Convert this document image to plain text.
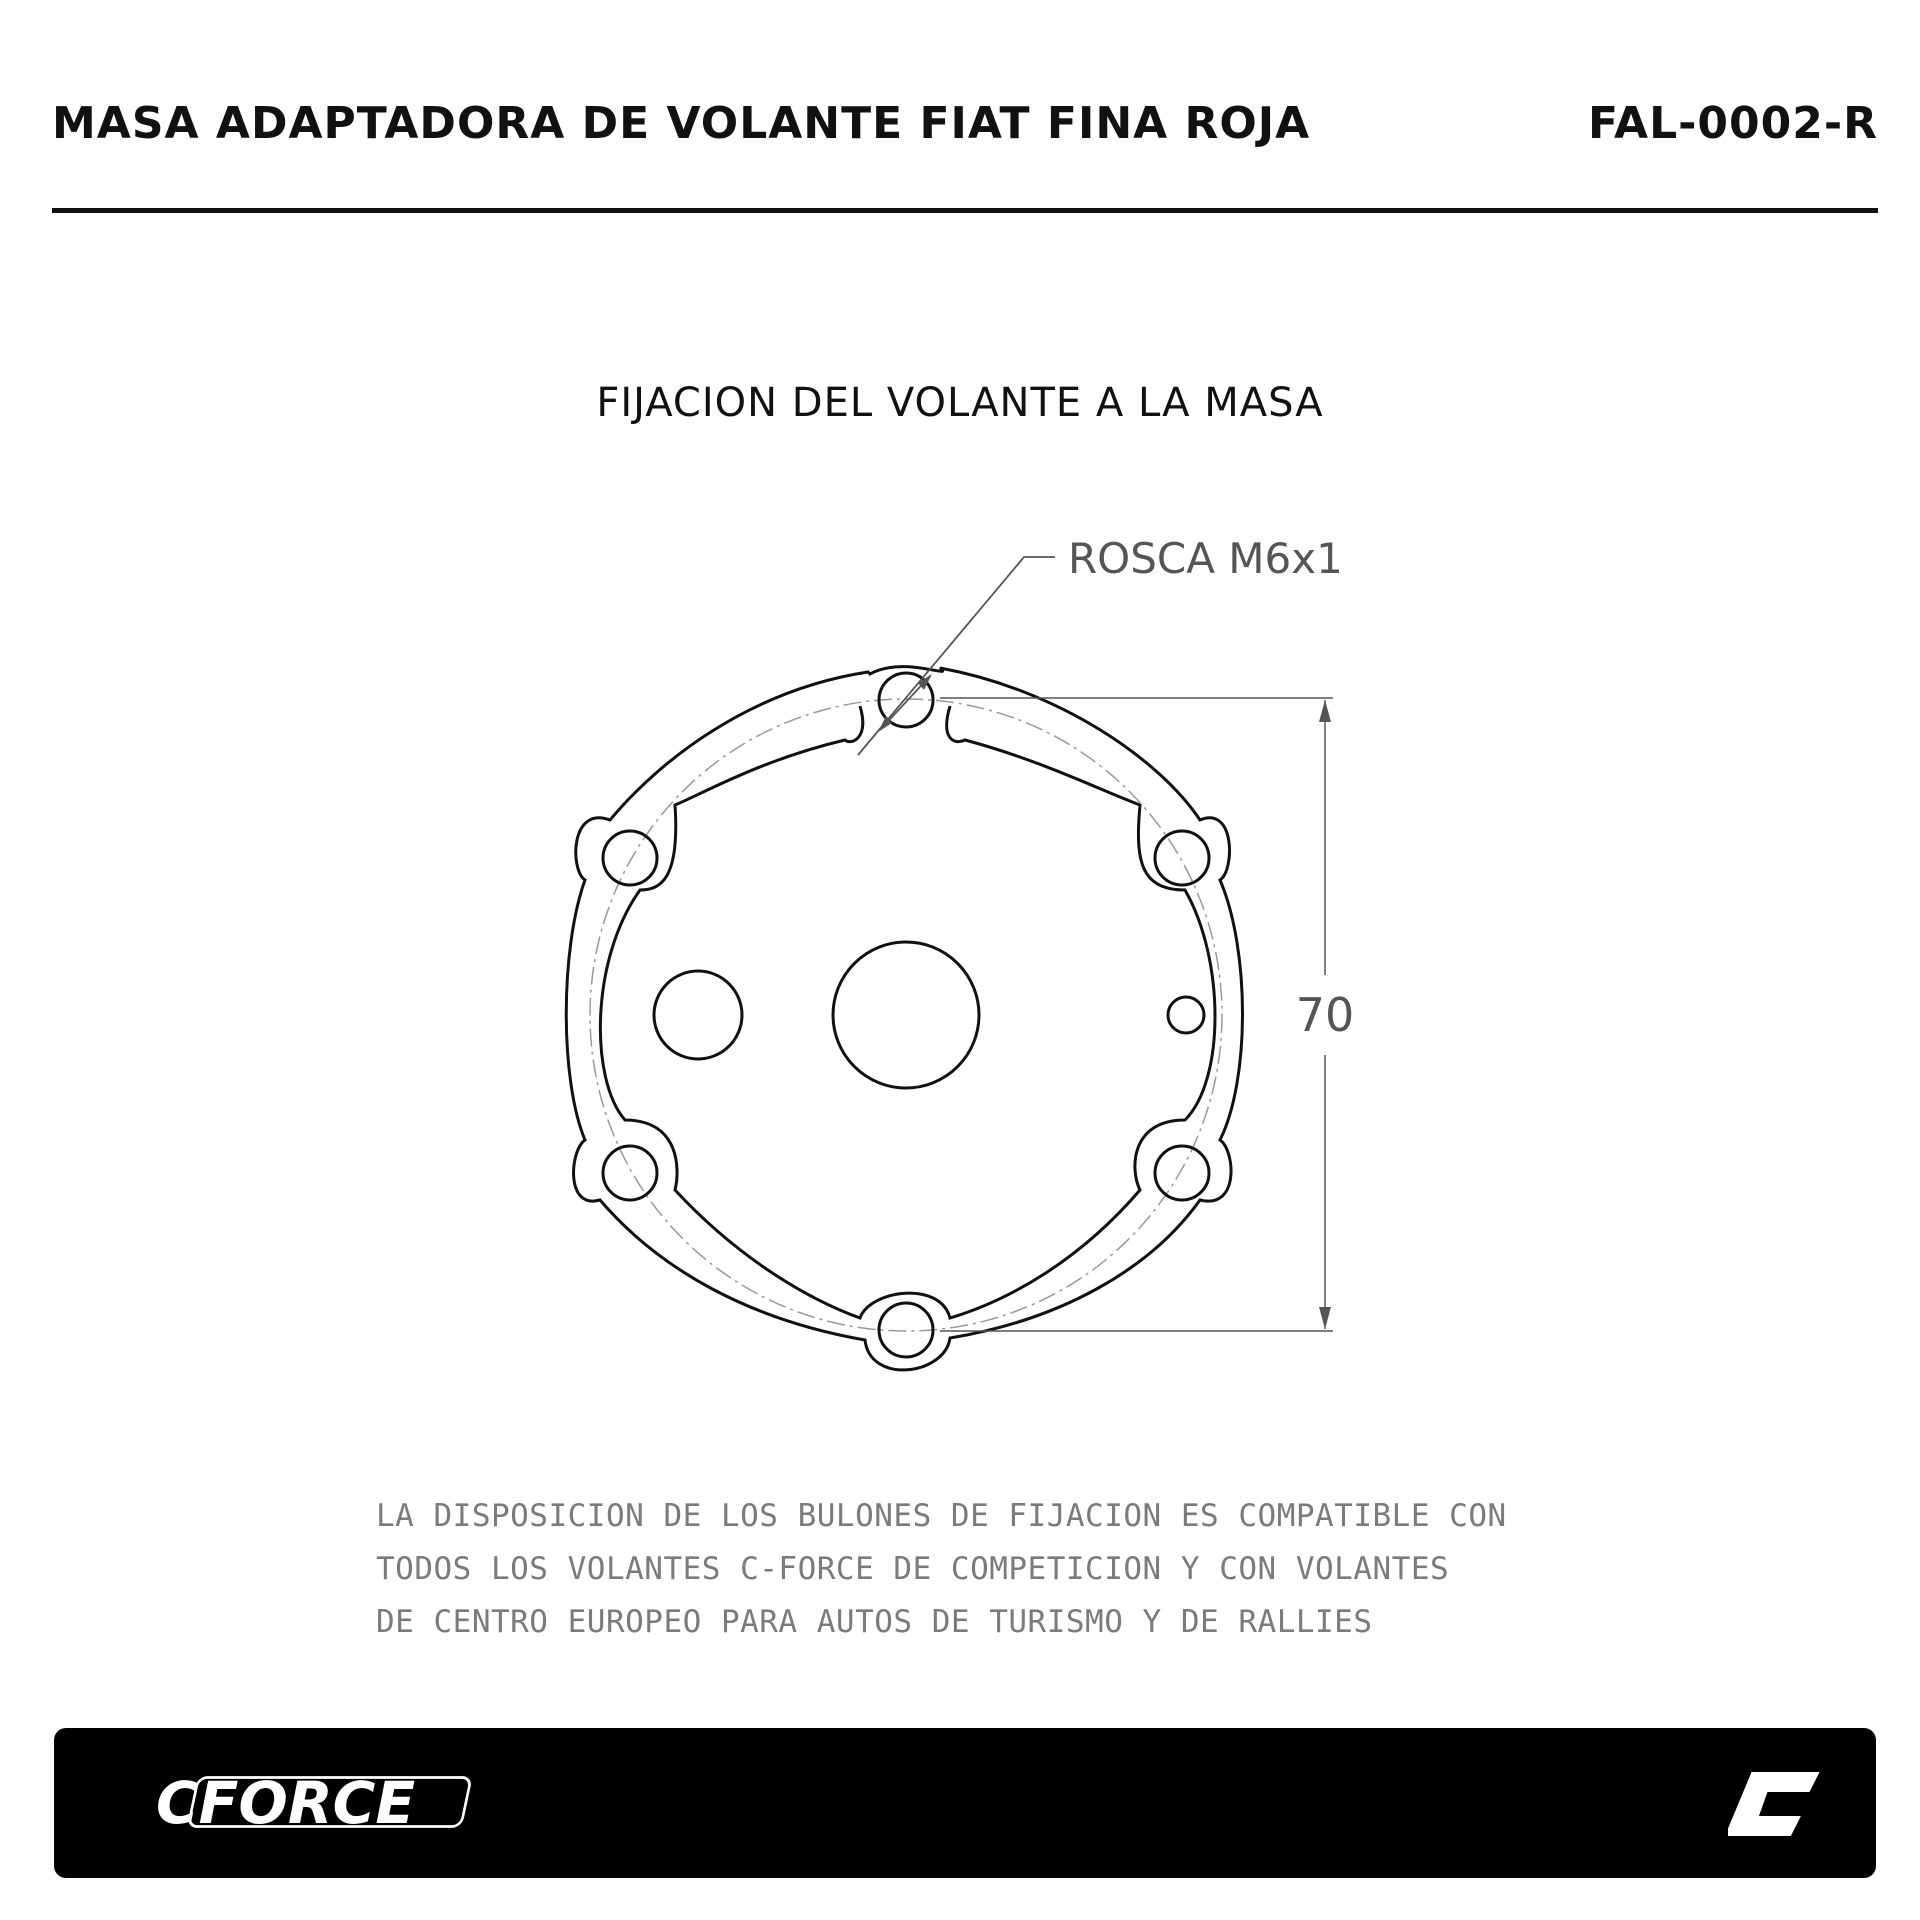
MASA ADAPTADORA DE VOLANTE FIAT FINA ROJA	FAL-0002-R
FIJACION DEL VOLANTE A LA MASA
ROSCA M6x1
70
LA DISPOSICION DE LOS BULONES DE FIJACION ES COMPATIBLE CON
TODOS LOS VOLANTES C-FORCE DE COMPETICION Y CON VOLANTES
DE CENTRO EUROPEO PARA AUTOS DE TURISMO Y DE RALLIES
CFORCE
